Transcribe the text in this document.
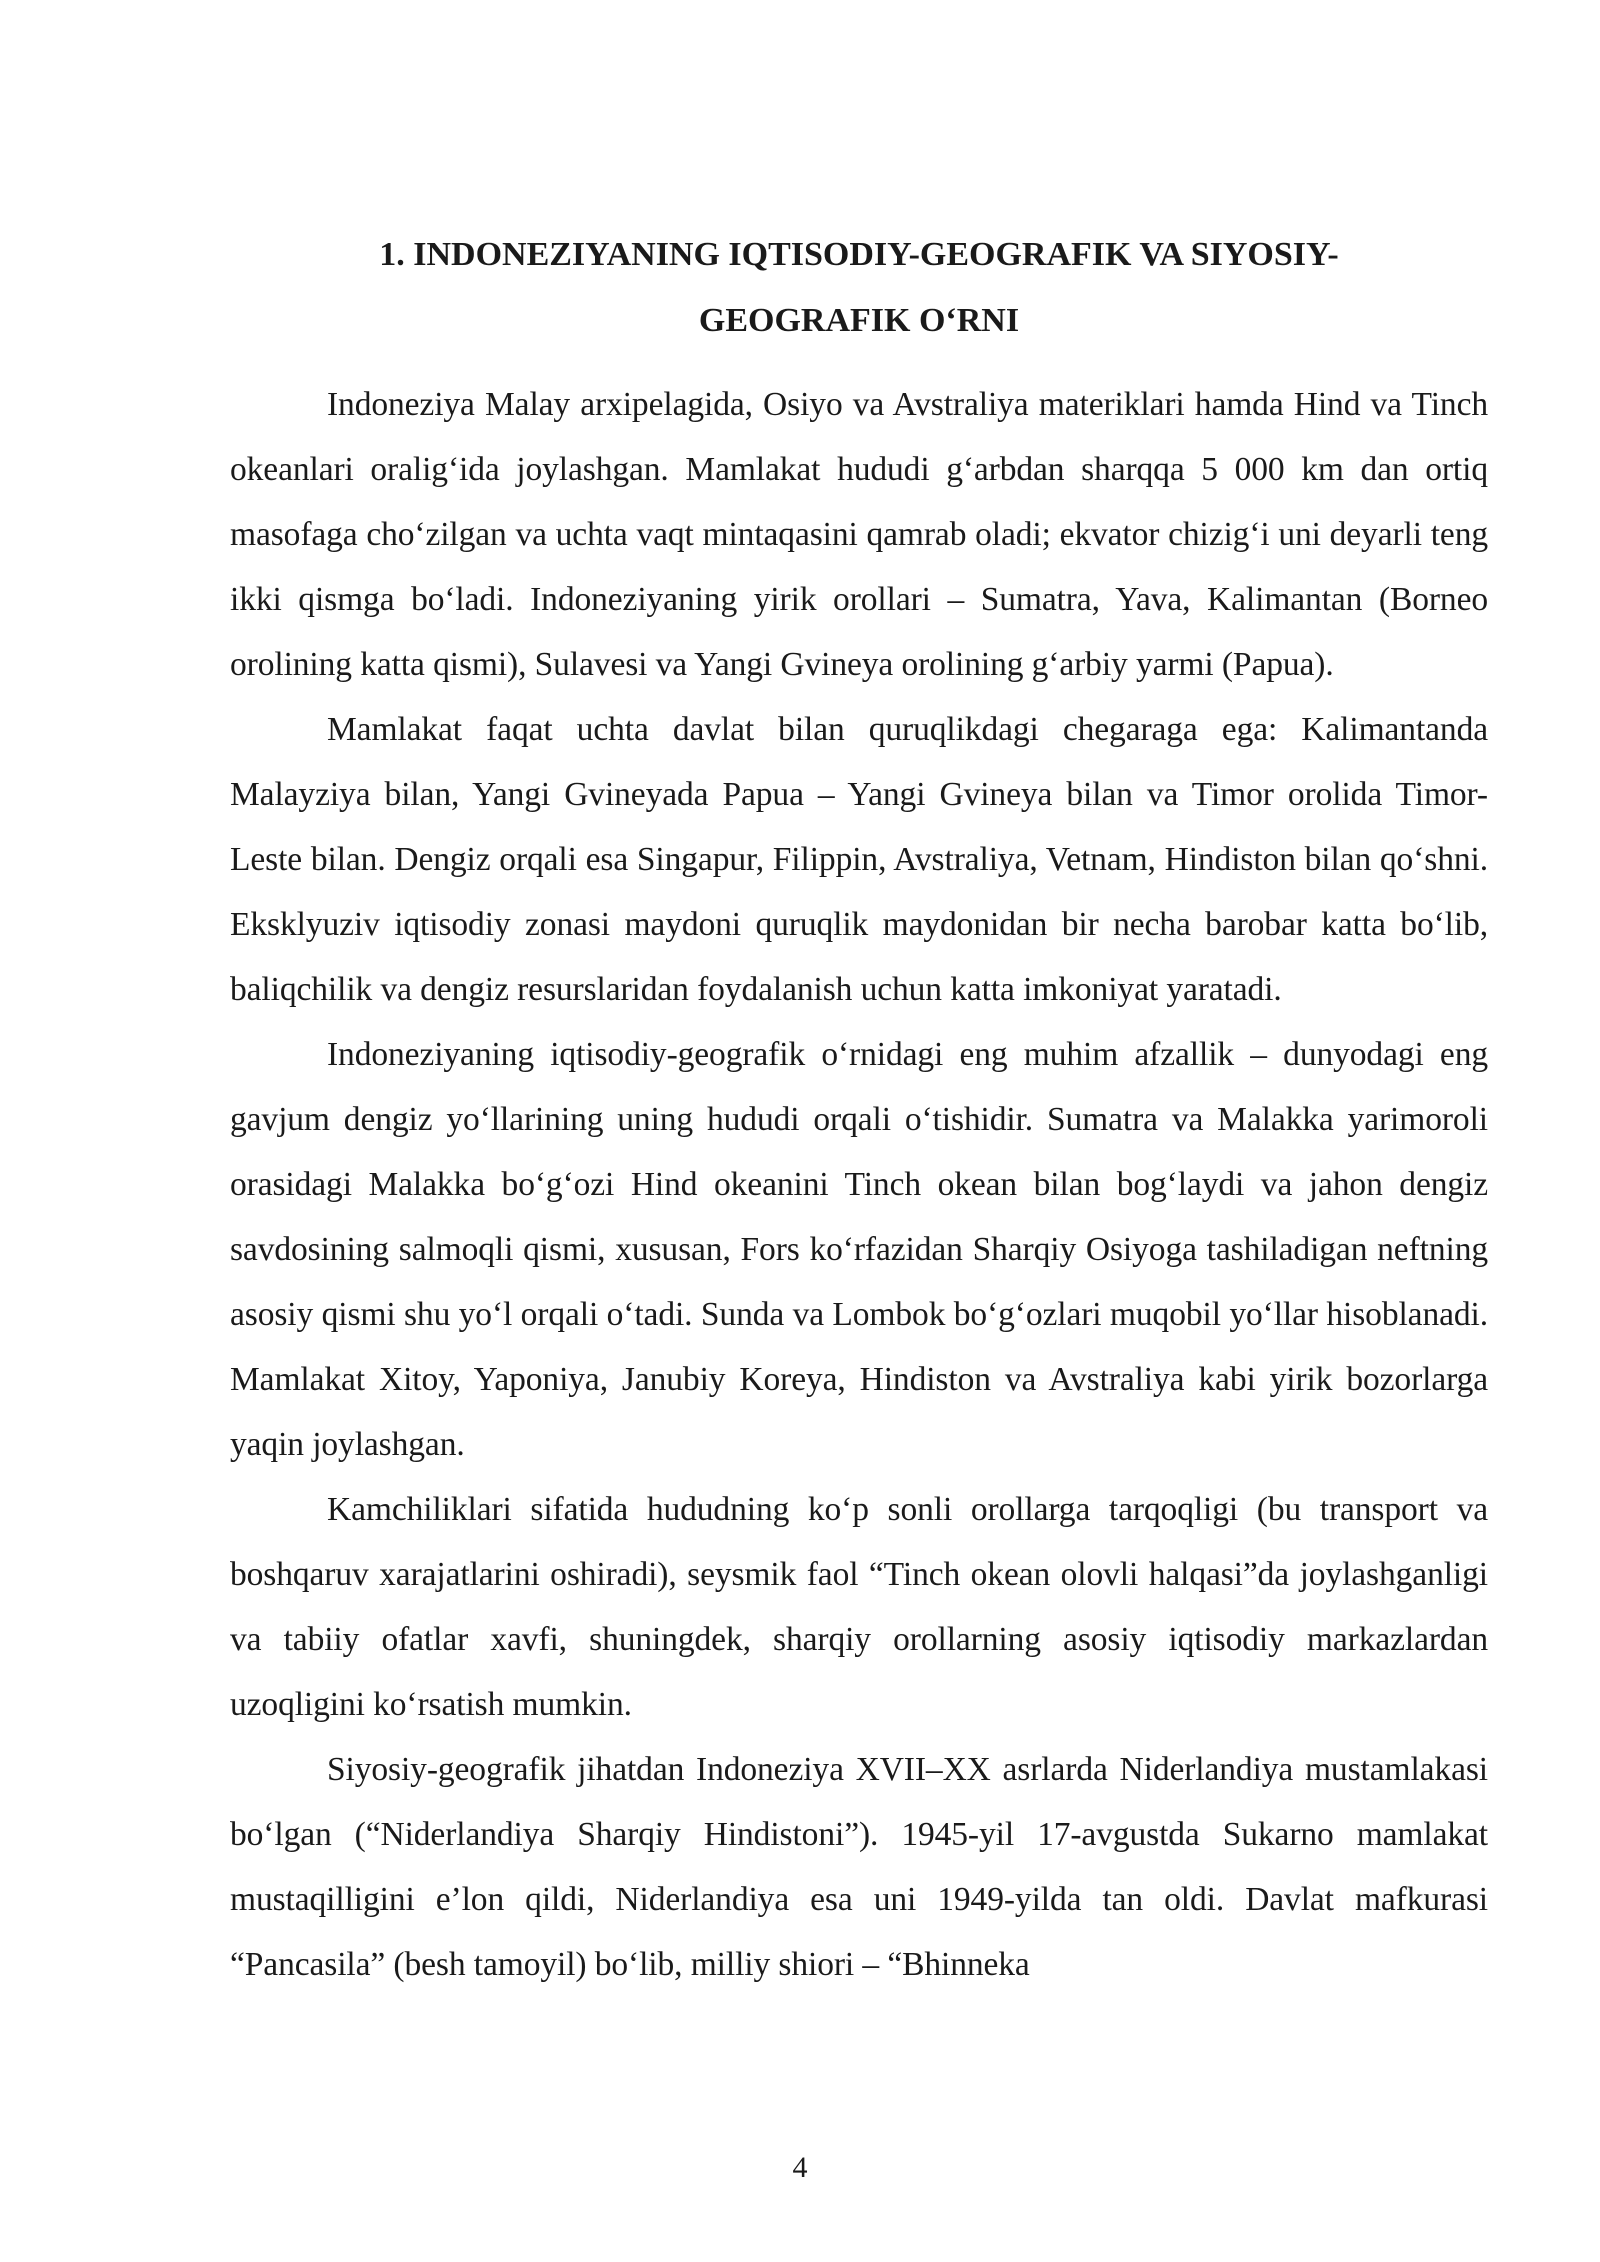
1. INDONEZIYANING IQTISODIY-GEOGRAFIK VA SIYOSIY-
GEOGRAFIK O‘RNI

Indoneziya Malay arxipelagida, Osiyo va Avstraliya materiklari hamda Hind va Tinch okeanlari oralig‘ida joylashgan. Mamlakat hududi g‘arbdan sharqqa 5 000 km dan ortiq masofaga cho‘zilgan va uchta vaqt mintaqasini qamrab oladi; ekvator chizig‘i uni deyarli teng ikki qismga bo‘ladi. Indoneziyaning yirik orollari – Sumatra, Yava, Kalimantan (Borneo orolining katta qismi), Sulavesi va Yangi Gvineya orolining g‘arbiy yarmi (Papua).

Mamlakat faqat uchta davlat bilan quruqlikdagi chegaraga ega: Kalimantanda Malayziya bilan, Yangi Gvineyada Papua – Yangi Gvineya bilan va Timor orolida Timor-Leste bilan. Dengiz orqali esa Singapur, Filippin, Avstraliya, Vetnam, Hindiston bilan qo‘shni. Eksklyuziv iqtisodiy zonasi maydoni quruqlik maydonidan bir necha barobar katta bo‘lib, baliqchilik va dengiz resurslaridan foydalanish uchun katta imkoniyat yaratadi.

Indoneziyaning iqtisodiy-geografik o‘rnidagi eng muhim afzallik – dunyodagi eng gavjum dengiz yo‘llarining uning hududi orqali o‘tishidir. Sumatra va Malakka yarimoroli orasidagi Malakka bo‘g‘ozi Hind okeanini Tinch okean bilan bog‘laydi va jahon dengiz savdosining salmoqli qismi, xususan, Fors ko‘rfazidan Sharqiy Osiyoga tashiladigan neftning asosiy qismi shu yo‘l orqali o‘tadi. Sunda va Lombok bo‘g‘ozlari muqobil yo‘llar hisoblanadi. Mamlakat Xitoy, Yaponiya, Janubiy Koreya, Hindiston va Avstraliya kabi yirik bozorlarga yaqin joylashgan.

Kamchiliklari sifatida hududning ko‘p sonli orollarga tarqoqligi (bu transport va boshqaruv xarajatlarini oshiradi), seysmik faol “Tinch okean olovli halqasi”da joylashganligi va tabiiy ofatlar xavfi, shuningdek, sharqiy orollarning asosiy iqtisodiy markazlardan uzoqligini ko‘rsatish mumkin.

Siyosiy-geografik jihatdan Indoneziya XVII–XX asrlarda Niderlandiya mustamlakasi bo‘lgan (“Niderlandiya Sharqiy Hindistoni”). 1945-yil 17-avgustda Sukarno mamlakat mustaqilligini e’lon qildi, Niderlandiya esa uni 1949-yilda tan oldi. Davlat mafkurasi “Pancasila” (besh tamoyil) bo‘lib, milliy shiori – “Bhinneka

4
